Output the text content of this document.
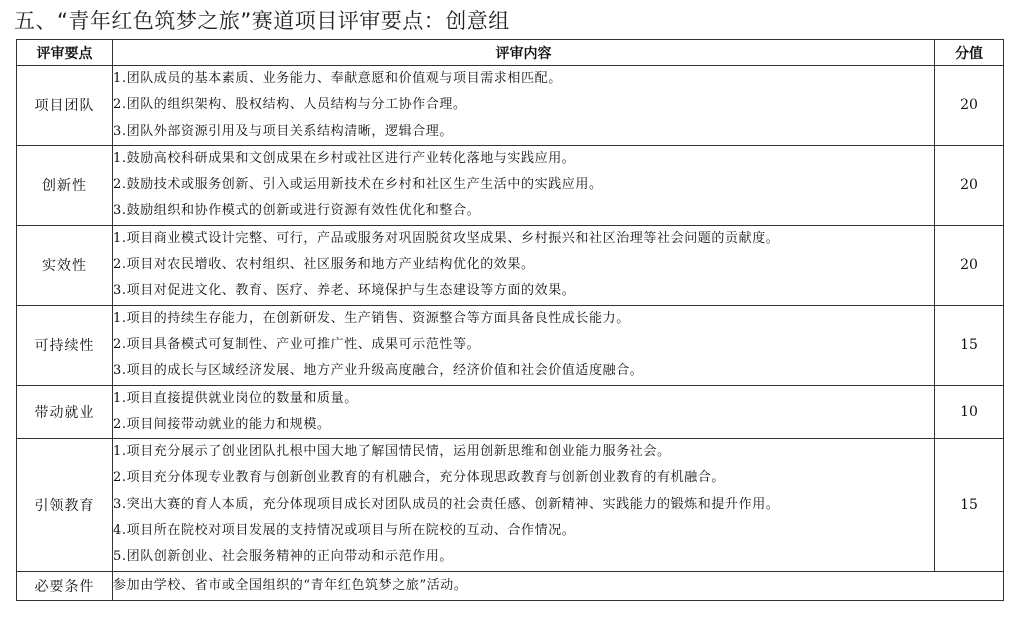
五、“青年红色筑梦之旅”赛道项目评审要点：创意组
评审要点	评审内容	分值
项目团队	1.团队成员的基本素质、业务能力、奉献意愿和价值观与项目需求相匹配。
2.团队的组织架构、股权结构、人员结构与分工协作合理。
3.团队外部资源引用及与项目关系结构清晰，逻辑合理。	20
创新性	1.鼓励高校科研成果和文创成果在乡村或社区进行产业转化落地与实践应用。
2.鼓励技术或服务创新、引入或运用新技术在乡村和社区生产生活中的实践应用。
3.鼓励组织和协作模式的创新或进行资源有效性优化和整合。	20
实效性	1.项目商业模式设计完整、可行，产品或服务对巩固脱贫攻坚成果、乡村振兴和社区治理等社会问题的贡献度。
2.项目对农民增收、农村组织、社区服务和地方产业结构优化的效果。
3.项目对促进文化、教育、医疗、养老、环境保护与生态建设等方面的效果。	20
可持续性	1.项目的持续生存能力，在创新研发、生产销售、资源整合等方面具备良性成长能力。
2.项目具备模式可复制性、产业可推广性、成果可示范性等。
3.项目的成长与区域经济发展、地方产业升级高度融合，经济价值和社会价值适度融合。	15
带动就业	1.项目直接提供就业岗位的数量和质量。
2.项目间接带动就业的能力和规模。	10
引领教育	1.项目充分展示了创业团队扎根中国大地了解国情民情，运用创新思维和创业能力服务社会。
2.项目充分体现专业教育与创新创业教育的有机融合，充分体现思政教育与创新创业教育的有机融合。
3.突出大赛的育人本质，充分体现项目成长对团队成员的社会责任感、创新精神、实践能力的锻炼和提升作用。
4.项目所在院校对项目发展的支持情况或项目与所在院校的互动、合作情况。
5.团队创新创业、社会服务精神的正向带动和示范作用。	15
必要条件	参加由学校、省市或全国组织的“青年红色筑梦之旅”活动。	
